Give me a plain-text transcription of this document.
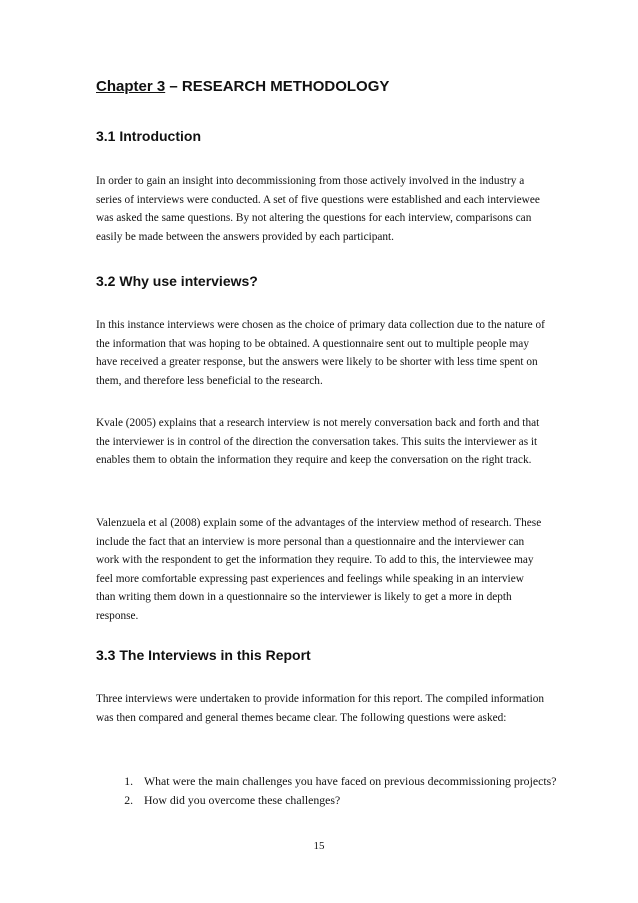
Chapter 3 – RESEARCH METHODOLOGY
3.1 Introduction

In order to gain an insight into decommissioning from those actively involved in the industry a series of interviews were conducted. A set of five questions were established and each interviewee was asked the same questions. By not altering the questions for each interview, comparisons can easily be made between the answers provided by each participant.

3.2 Why use interviews?

In this instance interviews were chosen as the choice of primary data collection due to the nature of the information that was hoping to be obtained. A questionnaire sent out to multiple people may have received a greater response, but the answers were likely to be shorter with less time spent on them, and therefore less beneficial to the research.

Kvale (2005) explains that a research interview is not merely conversation back and forth and that the interviewer is in control of the direction the conversation takes. This suits the interviewer as it enables them to obtain the information they require and keep the conversation on the right track.

Valenzuela et al (2008) explain some of the advantages of the interview method of research. These include the fact that an interview is more personal than a questionnaire and the interviewer can work with the respondent to get the information they require. To add to this, the interviewee may feel more comfortable expressing past experiences and feelings while speaking in an interview than writing them down in a questionnaire so the interviewer is likely to get a more in depth response.

3.3 The Interviews in this Report

Three interviews were undertaken to provide information for this report. The compiled information was then compared and general themes became clear. The following questions were asked:

1. What were the main challenges you have faced on previous decommissioning projects?
2. How did you overcome these challenges?
15
